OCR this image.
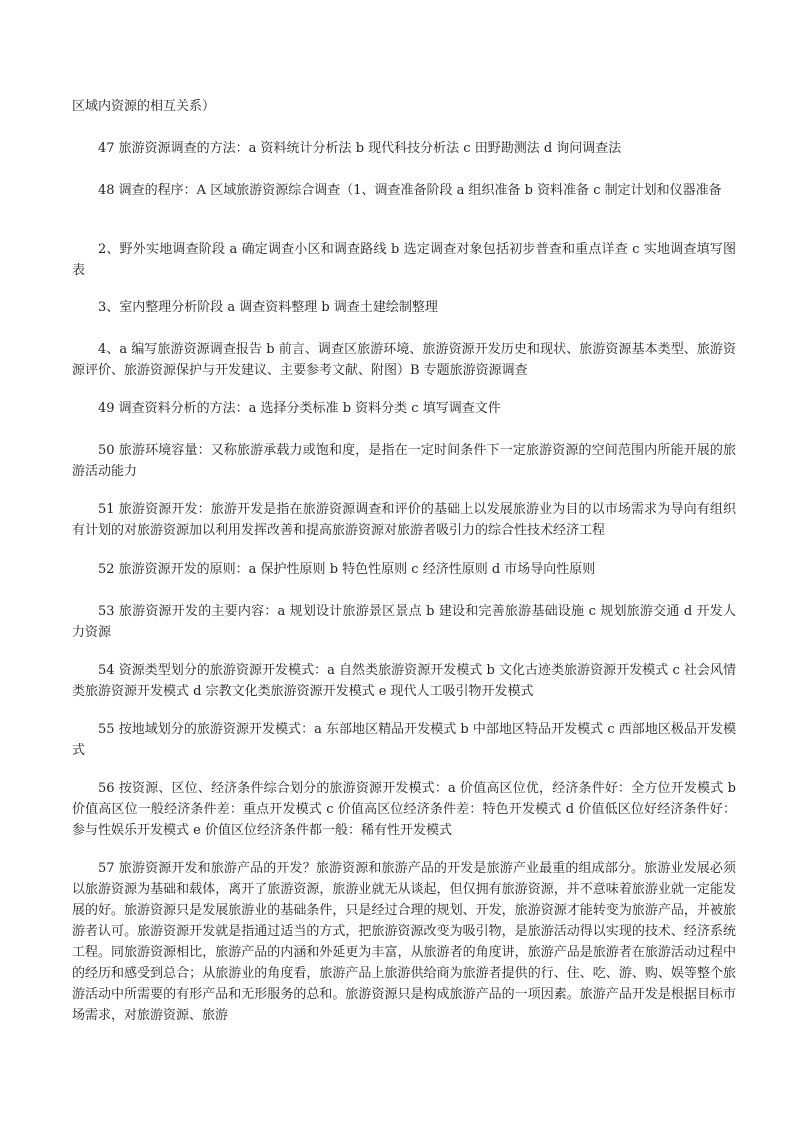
区域内资源的相互关系）

47 旅游资源调查的方法：a 资料统计分析法 b 现代科技分析法 c 田野勘测法 d 询问调查法

48 调查的程序：A 区域旅游资源综合调查（1、调查准备阶段 a 组织准备 b 资料准备 c 制定计划和仪器准备

2、野外实地调查阶段 a 确定调查小区和调查路线 b 选定调查对象包括初步普查和重点详查 c 实地调查填写图表

3、室内整理分析阶段 a 调查资料整理 b 调查土建绘制整理

4、a 编写旅游资源调查报告 b 前言、调查区旅游环境、旅游资源开发历史和现状、旅游资源基本类型、旅游资源评价、旅游资源保护与开发建议、主要参考文献、附图）B 专题旅游资源调查

49 调查资料分析的方法：a 选择分类标准 b 资料分类 c 填写调查文件

50 旅游环境容量：又称旅游承载力或饱和度，是指在一定时间条件下一定旅游资源的空间范围内所能开展的旅游活动能力

51 旅游资源开发：旅游开发是指在旅游资源调查和评价的基础上以发展旅游业为目的以市场需求为导向有组织有计划的对旅游资源加以利用发挥改善和提高旅游资源对旅游者吸引力的综合性技术经济工程

52 旅游资源开发的原则：a 保护性原则 b 特色性原则 c 经济性原则 d 市场导向性原则

53 旅游资源开发的主要内容：a 规划设计旅游景区景点 b 建设和完善旅游基础设施 c 规划旅游交通 d 开发人力资源

54 资源类型划分的旅游资源开发模式：a 自然类旅游资源开发模式 b 文化古迹类旅游资源开发模式 c 社会风情类旅游资源开发模式 d 宗教文化类旅游资源开发模式 e 现代人工吸引物开发模式

55 按地域划分的旅游资源开发模式：a 东部地区精品开发模式 b 中部地区特品开发模式 c 西部地区极品开发模式

56 按资源、区位、经济条件综合划分的旅游资源开发模式：a 价值高区位优，经济条件好：全方位开发模式 b 价值高区位一般经济条件差：重点开发模式 c 价值高区位经济条件差：特色开发模式 d 价值低区位好经济条件好：参与性娱乐开发模式 e 价值区位经济条件都一般：稀有性开发模式

57 旅游资源开发和旅游产品的开发？旅游资源和旅游产品的开发是旅游产业最重的组成部分。旅游业发展必须以旅游资源为基础和载体，离开了旅游资源，旅游业就无从谈起，但仅拥有旅游资源，并不意味着旅游业就一定能发展的好。旅游资源只是发展旅游业的基础条件，只是经过合理的规划、开发，旅游资源才能转变为旅游产品，并被旅游者认可。旅游资源开发就是指通过适当的方式，把旅游资源改变为吸引物，是旅游活动得以实现的技术、经济系统工程。同旅游资源相比，旅游产品的内涵和外延更为丰富，从旅游者的角度讲，旅游产品是旅游者在旅游活动过程中的经历和感受到总合；从旅游业的角度看，旅游产品上旅游供给商为旅游者提供的行、住、吃、游、购、娱等整个旅游活动中所需要的有形产品和无形服务的总和。旅游资源只是构成旅游产品的一项因素。旅游产品开发是根据目标市场需求，对旅游资源、旅游
